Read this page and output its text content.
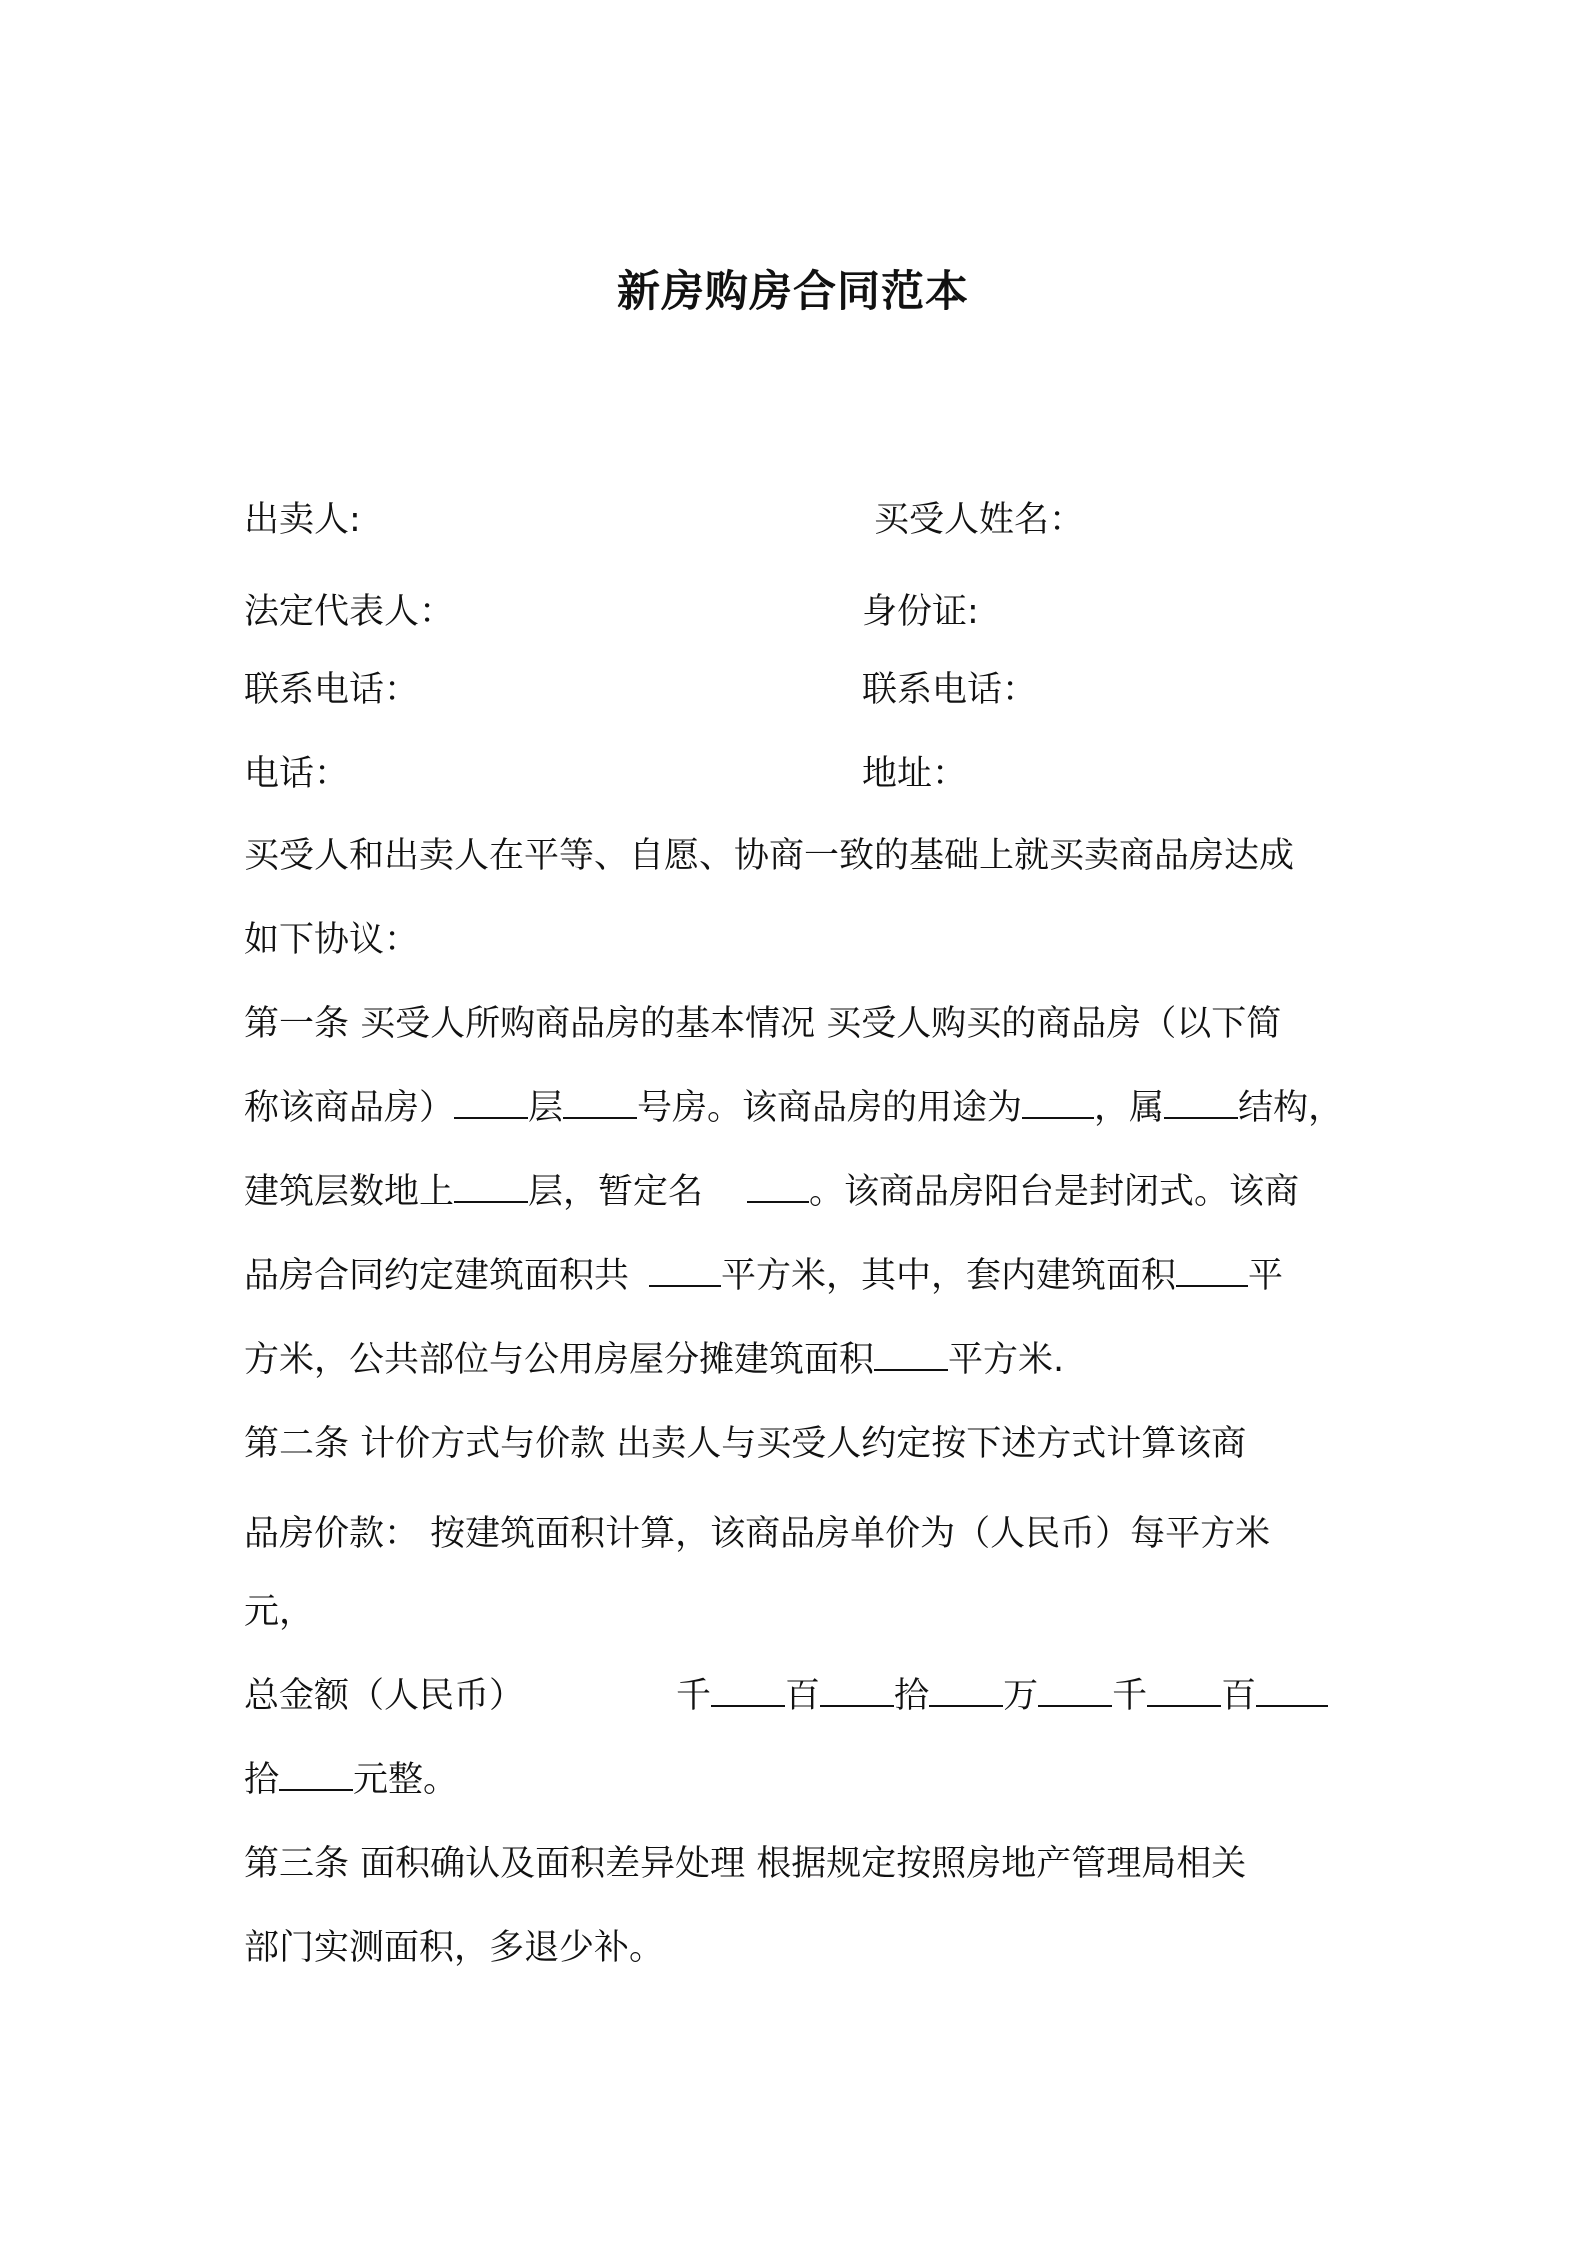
新房购房合同范本

出卖人:	买受人姓名：

法定代表人：	身份证:

联系电话：	联系电话：

电话：	地址：

买受人和出卖人在平等、自愿、协商一致的基础上就买卖商品房达成

如下协议：

第一条 买受人所购商品房的基本情况 买受人购买的商品房（以下简

称该商品房） 层 号房。该商品房的用途为 ，属 结构，

建筑层数地上 层，暂定名	。该商品房阳台是封闭式。该商

品房合同约定建筑面积共	平方米，其中，套内建筑面积 平

方米，公共部位与公用房屋分摊建筑面积 平方米.

第二条 计价方式与价款 出卖人与买受人约定按下述方式计算该商

品房价款： 按建筑面积计算，该商品房单价为（人民币）每平方米

元，

总金额（人民币）	千 百 拾 万 千 百

拾 元整。

第三条 面积确认及面积差异处理 根据规定按照房地产管理局相关

部门实测面积，多退少补。
